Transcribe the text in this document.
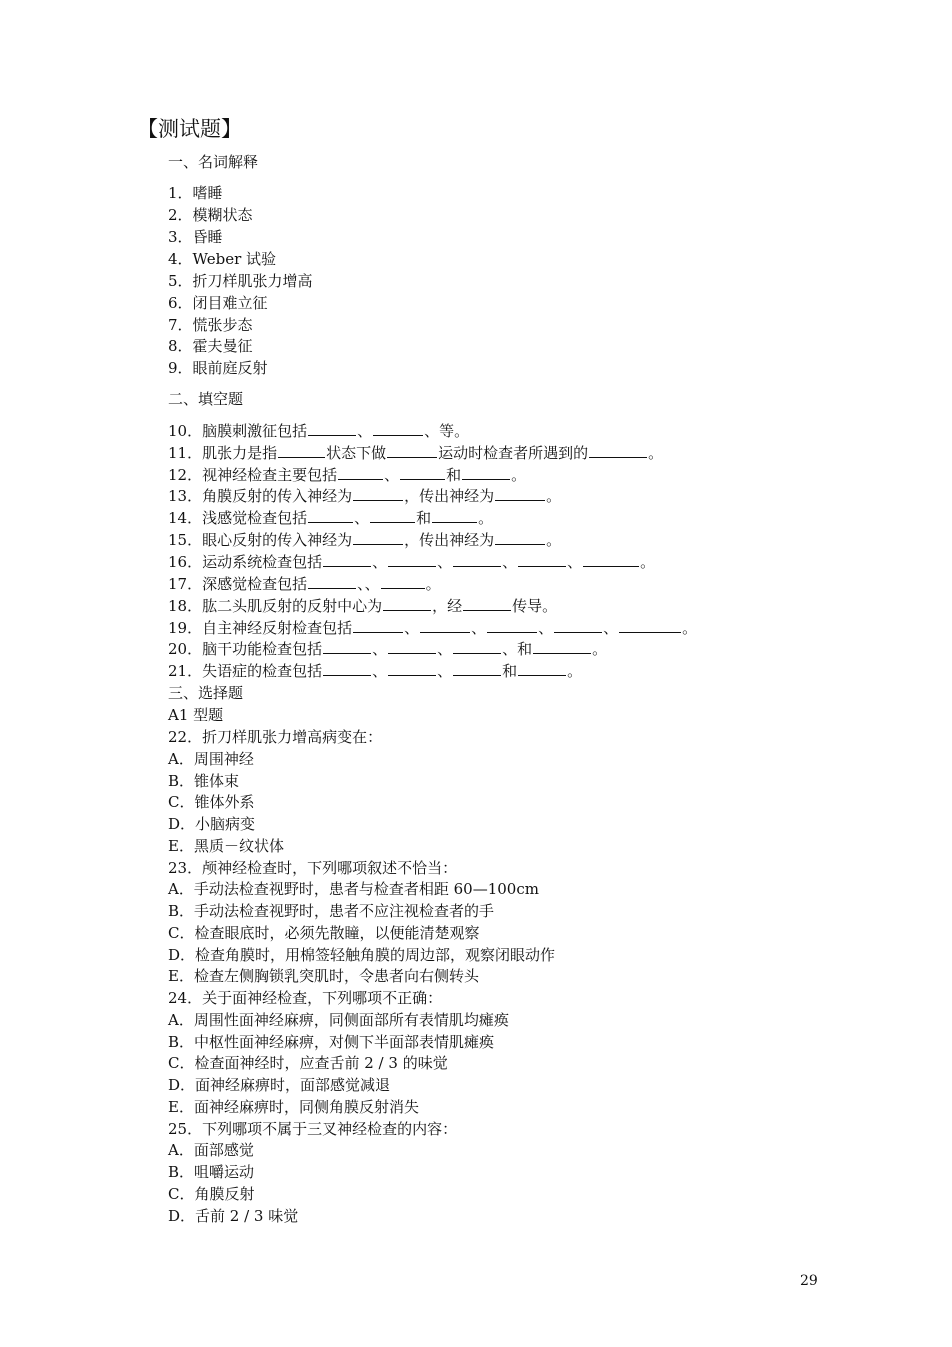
【测试题】
一、名词解释
1．嗜睡
2．模糊状态
3．昏睡
4．Weber 试验
5．折刀样肌张力增高
6．闭目难立征
7．慌张步态
8．霍夫曼征
9．眼前庭反射
二、填空题
10．脑膜刺激征包括	、	、等。
11．肌张力是指	状态下做	运动时检查者所遇到的	。
12．视神经检查主要包括	、	和	。
13．角膜反射的传入神经为	，传出神经为	。
14．浅感觉检查包括	、	和	。
15．眼心反射的传入神经为	，传出神经为	。
16．运动系统检查包括	、	、	、	、	。
17．深感觉检查包括	、、	。
18．肱二头肌反射的反射中心为	，经	传导。
19．自主神经反射检查包括	、	、	、	、	。
20．脑干功能检查包括	、	、	、和	。
21．失语症的检查包括	、	、	和	。
三、选择题
A1 型题
22．折刀样肌张力增高病变在：
A．周围神经
B．锥体束
C．锥体外系
D．小脑病变
E．黑质－纹状体
23．颅神经检查时，下列哪项叙述不恰当：
A．手动法检查视野时，患者与检查者相距 60—100cm
B．手动法检查视野时，患者不应注视检查者的手
C．检查眼底时，必须先散瞳，以便能清楚观察
D．检查角膜时，用棉签轻触角膜的周边部，观察闭眼动作
E．检查左侧胸锁乳突肌时，令患者向右侧转头
24．关于面神经检查，下列哪项不正确：
A．周围性面神经麻痹，同侧面部所有表情肌均瘫痪
B．中枢性面神经麻痹，对侧下半面部表情肌瘫痪
C．检查面神经时，应查舌前 2 / 3 的味觉
D．面神经麻痹时，面部感觉减退
E．面神经麻痹时，同侧角膜反射消失
25．下列哪项不属于三叉神经检查的内容：
A．面部感觉
B．咀嚼运动
C．角膜反射
D．舌前 2 / 3 味觉
29
